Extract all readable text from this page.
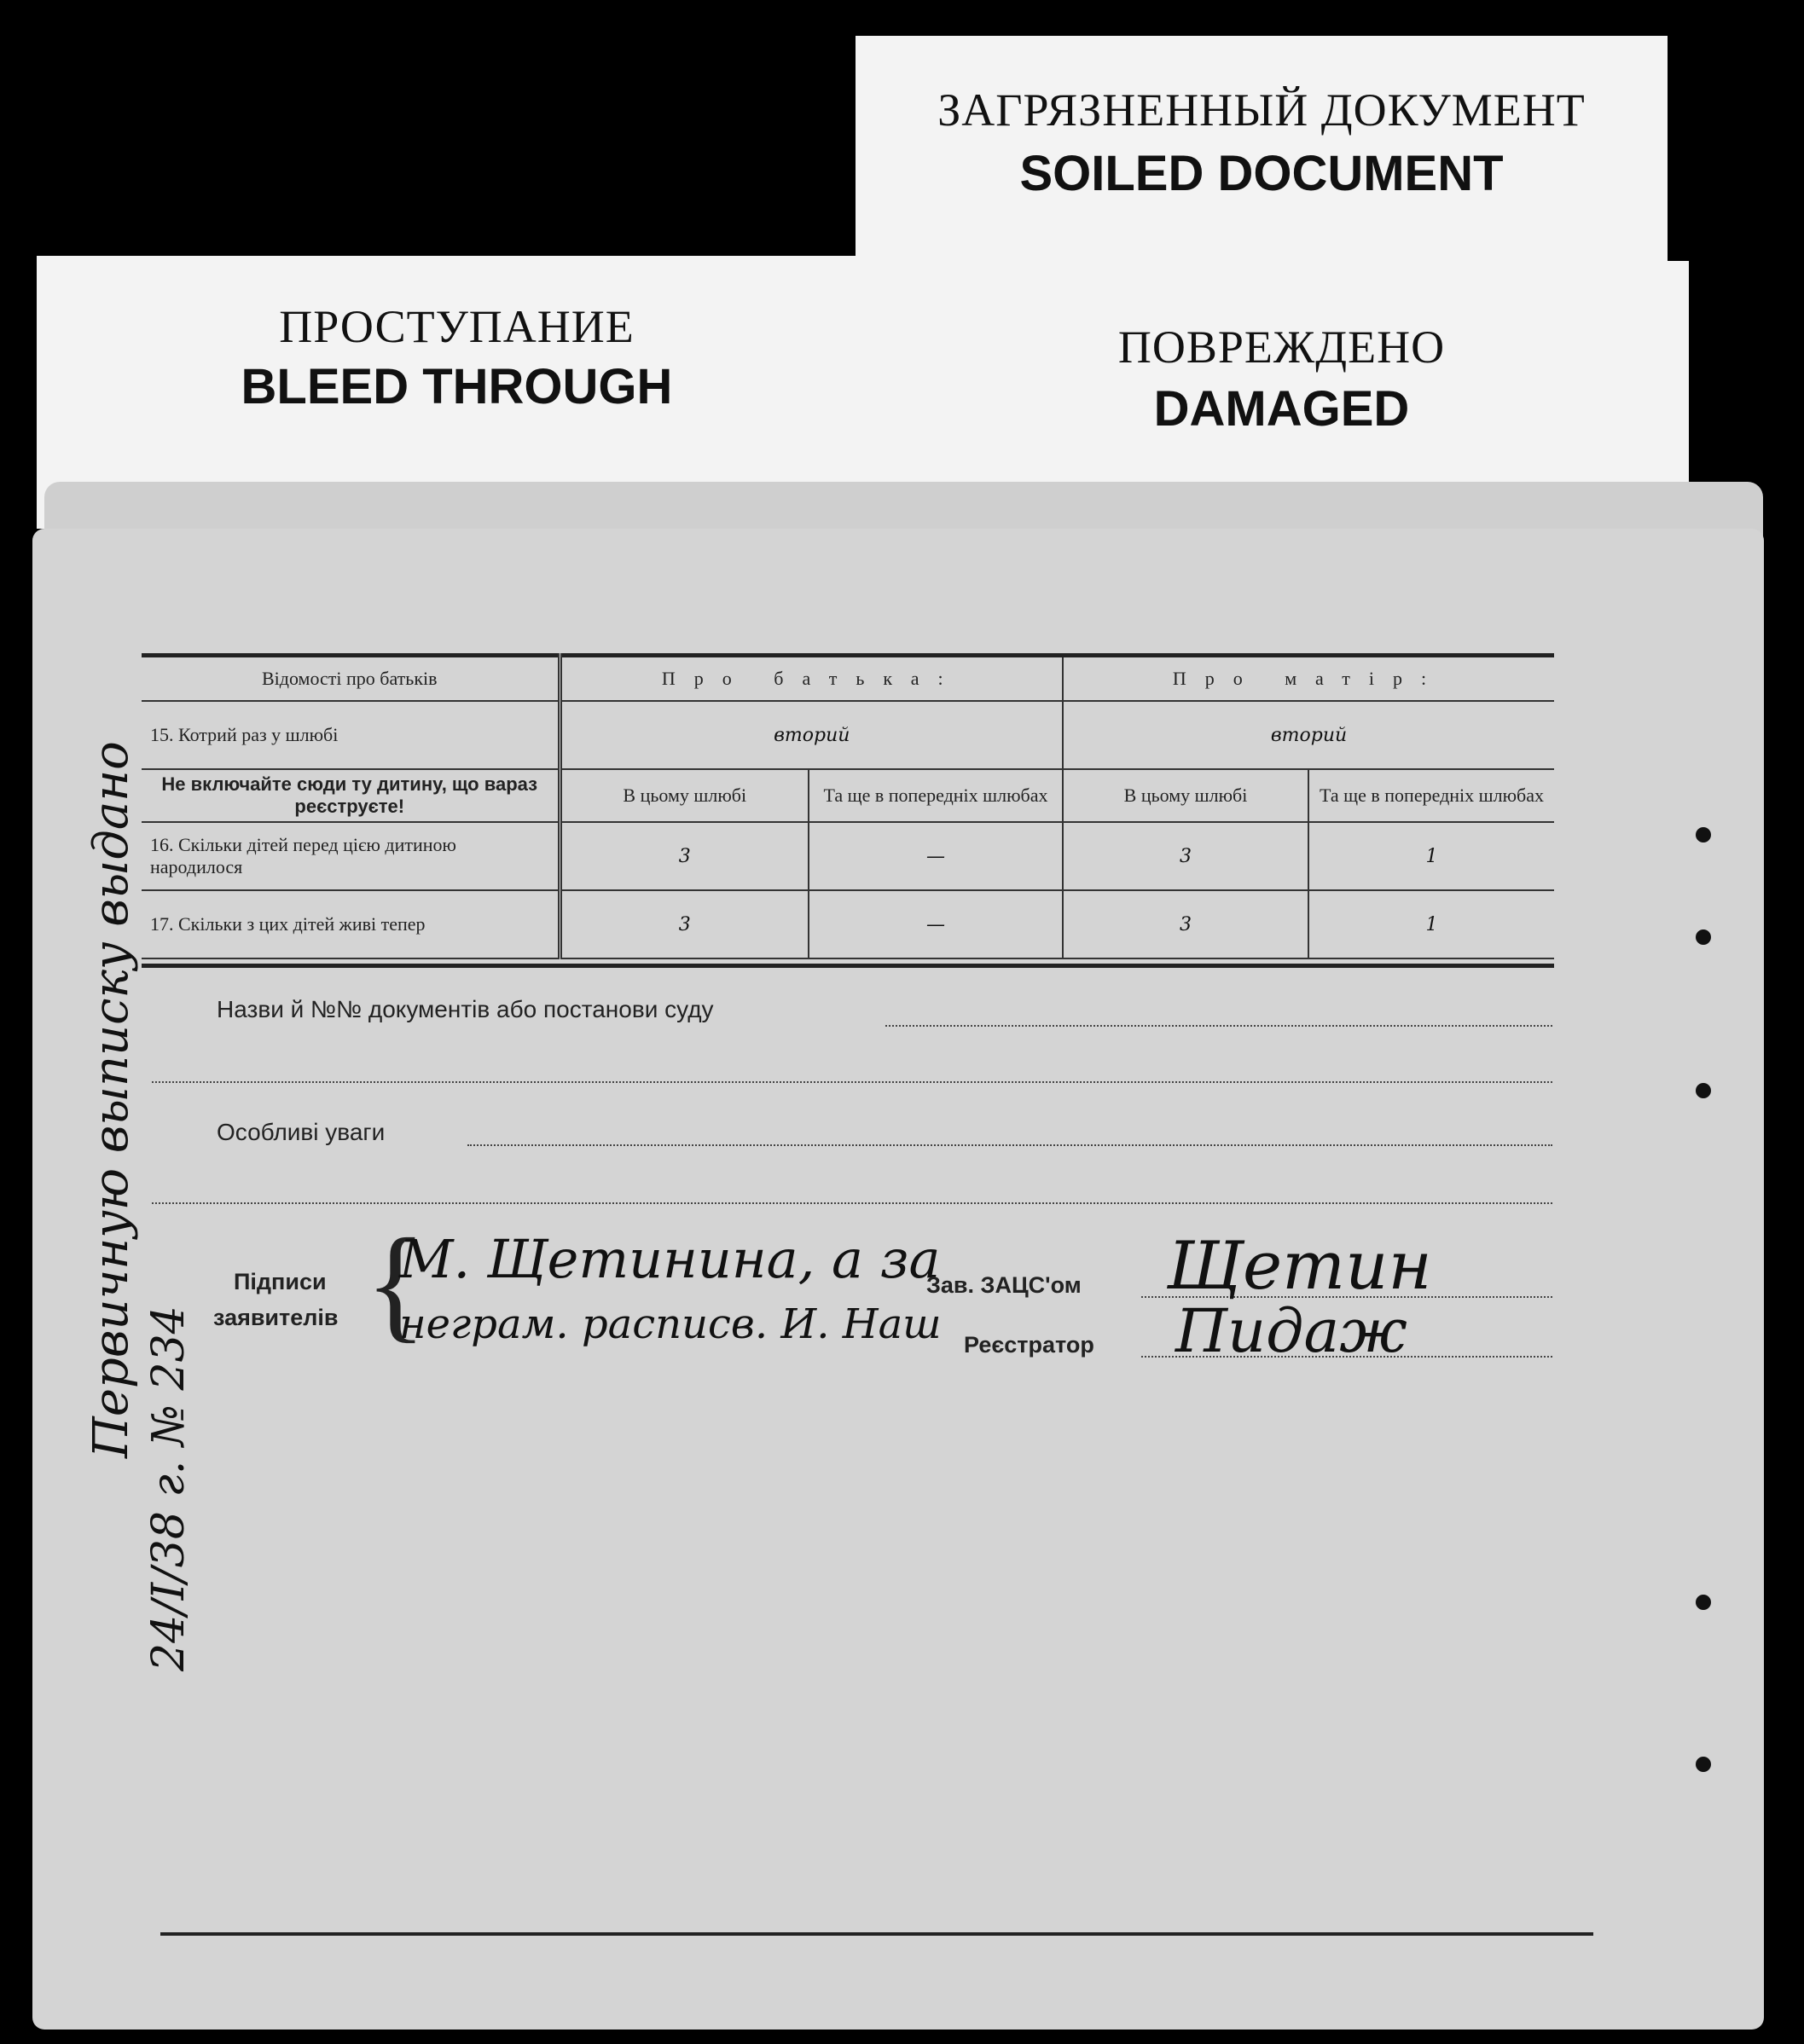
ЗАГРЯЗНЕННЫЙ ДОКУМЕНТ
SOILED DOCUMENT
ПРОСТУПАНИЕ
BLEED THROUGH
ПОВРЕЖДЕНО
DAMAGED
Відомості про батьків	Про батька:		Про матір:	
15. Котрий раз у шлюбі	вторий		вторий	
Не включайте сюди ту дитину, що вараз реєструєте!	В цьому шлюбі	Та ще в попередніх шлюбах	В цьому шлюбі	Та ще в попередніх шлюбах
16. Скільки дітей перед цією дитиною народилося	3	—	3	1
17. Скільки з цих дітей живі тепер	3	—	3	1
Назви й №№ документів або постанови суду
Особливі уваги
Підписи
заявителів {
М. Щетинина, а за
неграм. расписв. И. Наш
Зав. ЗАЦС'ом Щетин
Реєстратор Пидаж
Первичную выписку выдано
24/I/38 г. № 234
